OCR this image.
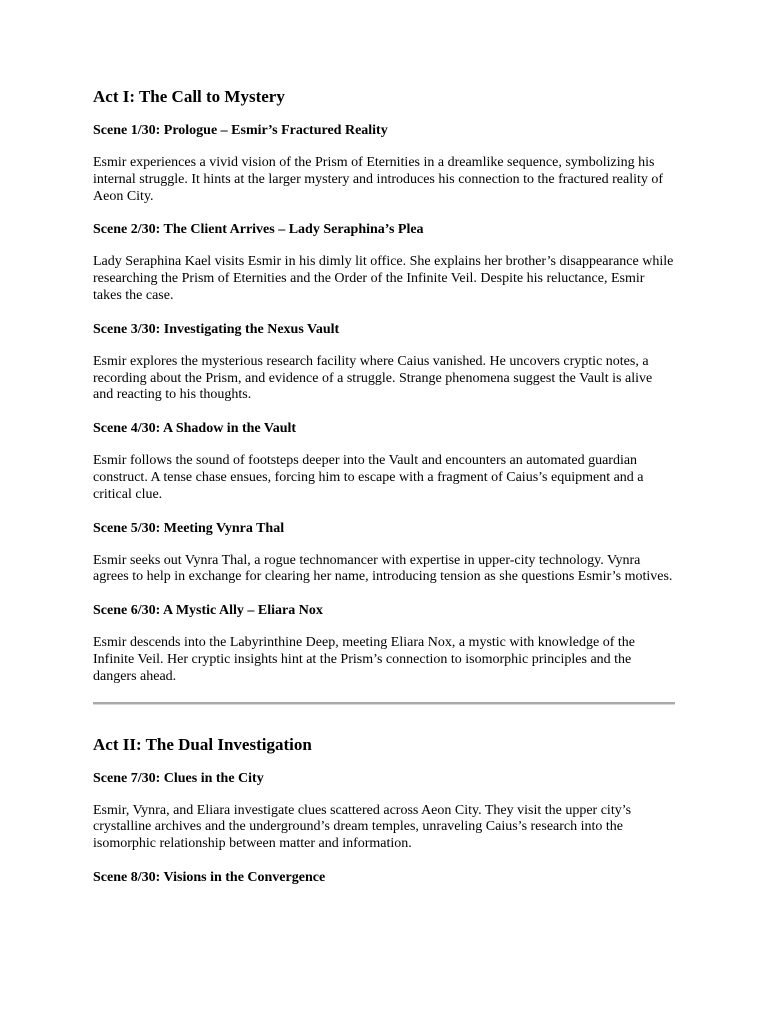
Act I: The Call to Mystery
Scene 1/30: Prologue – Esmir’s Fractured Reality

Esmir experiences a vivid vision of the Prism of Eternities in a dreamlike sequence, symbolizing his internal struggle. It hints at the larger mystery and introduces his connection to the fractured reality of Aeon City.

Scene 2/30: The Client Arrives – Lady Seraphina’s Plea

Lady Seraphina Kael visits Esmir in his dimly lit office. She explains her brother’s disappearance while researching the Prism of Eternities and the Order of the Infinite Veil. Despite his reluctance, Esmir takes the case.

Scene 3/30: Investigating the Nexus Vault

Esmir explores the mysterious research facility where Caius vanished. He uncovers cryptic notes, a recording about the Prism, and evidence of a struggle. Strange phenomena suggest the Vault is alive and reacting to his thoughts.

Scene 4/30: A Shadow in the Vault

Esmir follows the sound of footsteps deeper into the Vault and encounters an automated guardian construct. A tense chase ensues, forcing him to escape with a fragment of Caius’s equipment and a critical clue.

Scene 5/30: Meeting Vynra Thal

Esmir seeks out Vynra Thal, a rogue technomancer with expertise in upper-city technology. Vynra agrees to help in exchange for clearing her name, introducing tension as she questions Esmir’s motives.

Scene 6/30: A Mystic Ally – Eliara Nox

Esmir descends into the Labyrinthine Deep, meeting Eliara Nox, a mystic with knowledge of the Infinite Veil. Her cryptic insights hint at the Prism’s connection to isomorphic principles and the dangers ahead.

Act II: The Dual Investigation
Scene 7/30: Clues in the City

Esmir, Vynra, and Eliara investigate clues scattered across Aeon City. They visit the upper city’s crystalline archives and the underground’s dream temples, unraveling Caius’s research into the isomorphic relationship between matter and information.

Scene 8/30: Visions in the Convergence
